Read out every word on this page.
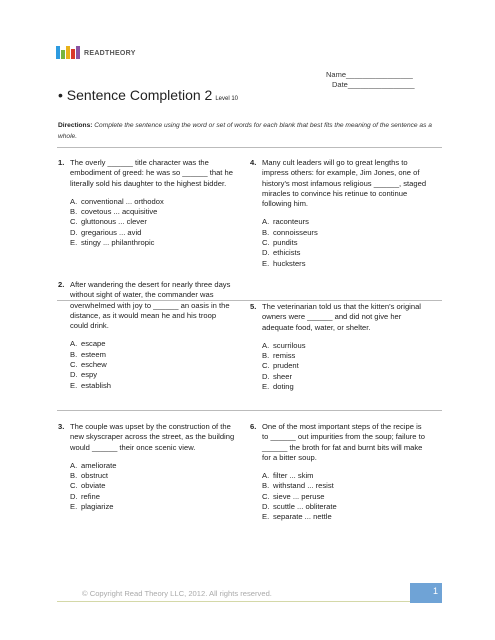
READTHEORY
Name________________
Date________________
• Sentence Completion 2 Level 10
Directions: Complete the sentence using the word or set of words for each blank that best fits the meaning of the sentence as a whole.
1. The overly ______ title character was the embodiment of greed: he was so ______ that he literally sold his daughter to the highest bidder.
A. conventional ... orthodox
B. covetous ... acquisitive
C. gluttonous ... clever
D. gregarious ... avid
E. stingy ... philanthropic
2. After wandering the desert for nearly three days without sight of water, the commander was overwhelmed with joy to ______ an oasis in the distance, as it would mean he and his troop could drink.
A. escape
B. esteem
C. eschew
D. espy
E. establish
3. The couple was upset by the construction of the new skyscraper across the street, as the building would ______ their once scenic view.
A. ameliorate
B. obstruct
C. obviate
D. refine
E. plagiarize
4. Many cult leaders will go to great lengths to impress others: for example, Jim Jones, one of history’s most infamous religious ______, staged miracles to convince his retinue to continue following him.
A. raconteurs
B. connoisseurs
C. pundits
D. ethicists
E. hucksters
5. The veterinarian told us that the kitten’s original owners were ______ and did not give her adequate food, water, or shelter.
A. scurrilous
B. remiss
C. prudent
D. sheer
E. doting
6. One of the most important steps of the recipe is to ______ out impurities from the soup; failure to ______ the broth for fat and burnt bits will make for a bitter soup.
A. filter ... skim
B. withstand ... resist
C. sieve ... peruse
D. scuttle ... obliterate
E. separate ... nettle
© Copyright Read Theory LLC, 2012. All rights reserved.	1
